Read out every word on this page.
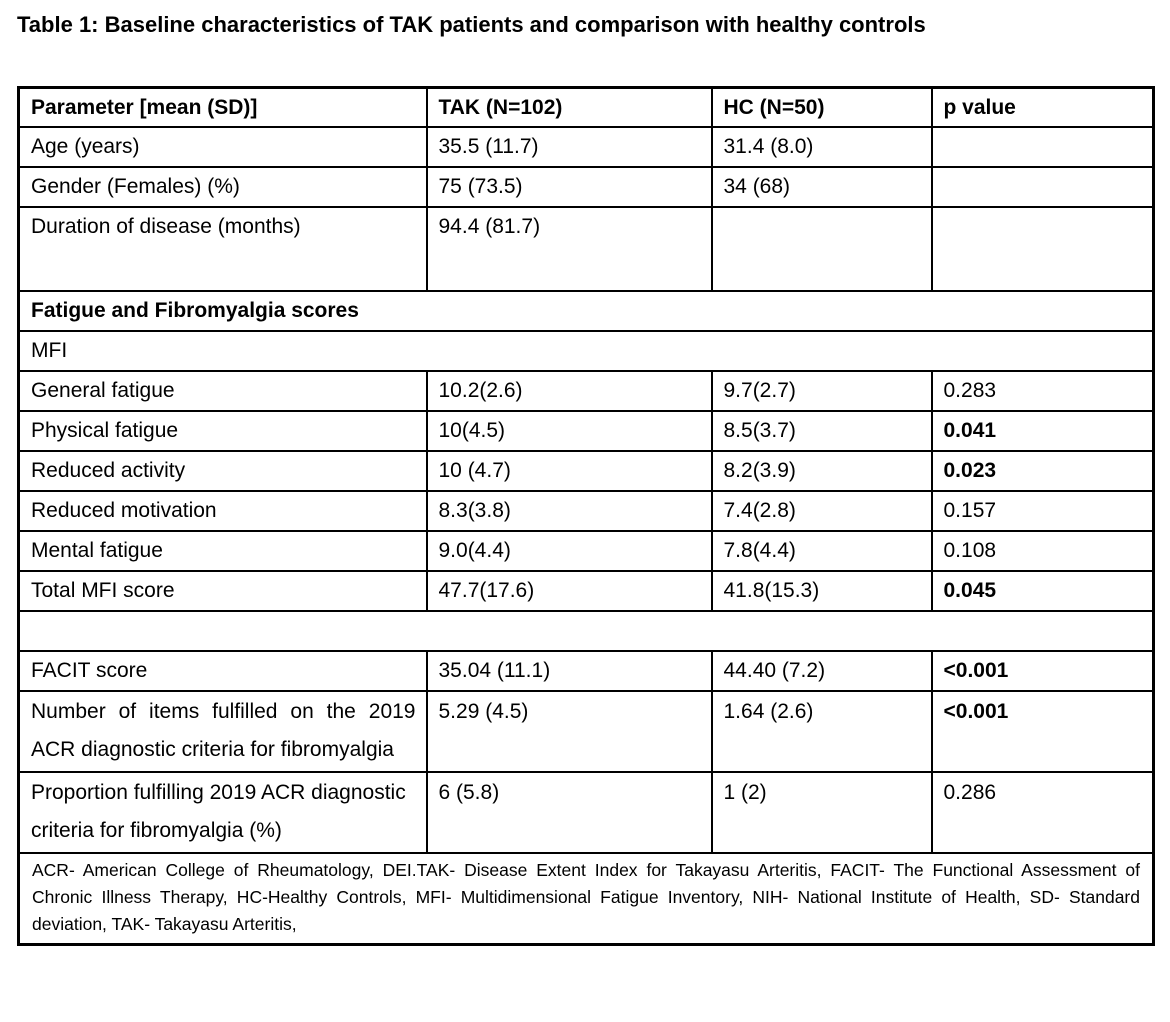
Table 1: Baseline characteristics of TAK patients and comparison with healthy controls
Parameter [mean (SD)]	TAK (N=102)	HC (N=50)	p value
Age (years)	35.5 (11.7)	31.4 (8.0)	
Gender (Females) (%)	75 (73.5)	34 (68)	
Duration of disease (months)	94.4 (81.7)		
Fatigue and Fibromyalgia scores			
MFI			
General fatigue	10.2(2.6)	9.7(2.7)	0.283
Physical fatigue	10(4.5)	8.5(3.7)	0.041
Reduced activity	10 (4.7)	8.2(3.9)	0.023
Reduced motivation	8.3(3.8)	7.4(2.8)	0.157
Mental fatigue	9.0(4.4)	7.8(4.4)	0.108
Total MFI score	47.7(17.6)	41.8(15.3)	0.045

FACIT score	35.04 (11.1)	44.40 (7.2)	<0.001
Number of items fulfilled on the 2019 ACR diagnostic criteria for fibromyalgia	5.29 (4.5)	1.64 (2.6)	<0.001
Proportion fulfilling 2019 ACR diagnostic criteria for fibromyalgia (%)	6 (5.8)	1 (2)	0.286
ACR- American College of Rheumatology, DEI.TAK- Disease Extent Index for Takayasu Arteritis, FACIT- The Functional Assessment of Chronic Illness Therapy, HC-Healthy Controls, MFI- Multidimensional Fatigue Inventory, NIH- National Institute of Health, SD- Standard deviation, TAK- Takayasu Arteritis,			
